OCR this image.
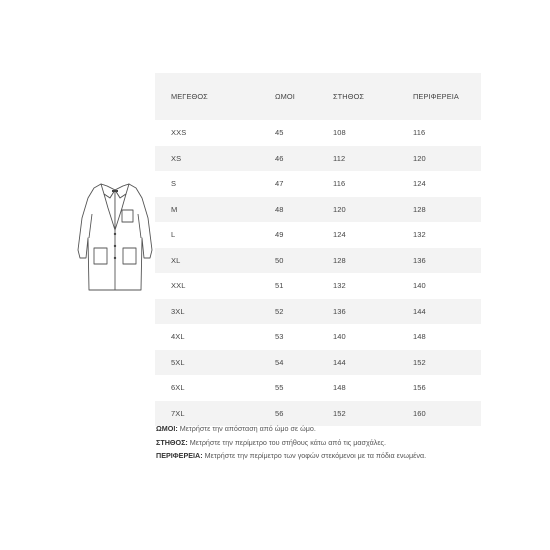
ΜΕΓΕΘΟΣ	ΩΜΟΙ	ΣΤΗΘΟΣ	ΠΕΡΙΦΕΡΕΙΑ
XXS	45	108	116
XS	46	112	120
S	47	116	124
M	48	120	128
L	49	124	132
XL	50	128	136
XXL	51	132	140
3XL	52	136	144
4XL	53	140	148
5XL	54	144	152
6XL	55	148	156
7XL	56	152	160
ΩΜΟΙ: Μετρήστε την απόσταση από ώμο σε ώμο.
ΣΤΗΘΟΣ: Μετρήστε την περίμετρο του στήθους κάτω από τις μασχάλες.
ΠΕΡΙΦΕΡΕΙΑ: Μετρήστε την περίμετρο των γοφών στεκόμενοι με τα πόδια ενωμένα.
